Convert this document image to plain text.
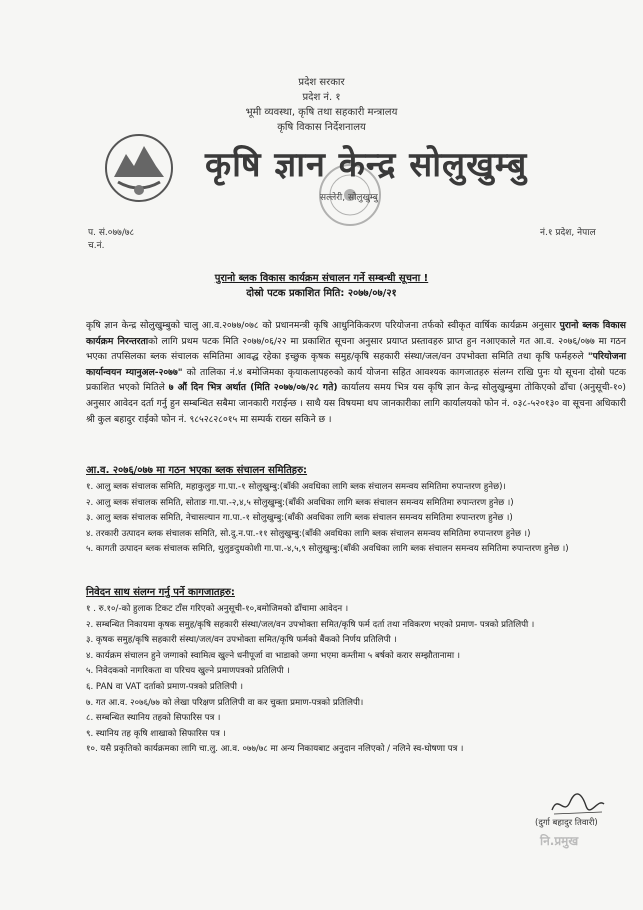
प्रदेश सरकार
प्रदेश नं. १
भूमी व्यवस्था, कृषि तथा सहकारी मन्त्रालय
कृषि विकास निर्देशनालय
कृषि ज्ञान केन्द्र सोलुखुम्बु
सल्लेरी, सोलुखुम्बु
प. सं.०७७/७८
च.नं.
नं.१ प्रदेश, नेपाल
पुरानो ब्लक विकास कार्यक्रम संचालन गर्ने सम्बन्धी सूचना !
दोस्रो पटक प्रकाशित मिति: २०७७/०७/२१
कृषि ज्ञान केन्द्र सोलुखुम्बुको चालु आ.व.२०७७/०७८ को प्रधानमन्त्री कृषि आधुनिकिकरण परियोजना तर्फको स्वीकृत वार्षिक कार्यक्रम अनुसार पुरानो ब्लक विकास कार्यक्रम निरन्तरताको लागि प्रथम पटक मिति २०७७/०६/२२ मा प्रकाशित सूचना अनुसार प्रयाप्त प्रस्तावहरु प्राप्त हुन नआएकाले गत आ.व. २०७६/०७७ मा गठन भएका तपसिलका ब्लक संचालक समितिमा आवद्ध रहेका इच्छुक कृषक समुह/कृषि सहकारी संस्था/जल/वन उपभोक्ता समिति तथा कृषि फर्महरुले "परियोजना कार्यान्वयन म्यानुअल-२०७७" को तालिका नं.४ बमोजिमका कृयाकलापहरुको कार्य योजना सहित आवश्यक कागजातहरु संलग्न राखि पुनः यो सूचना दोस्रो पटक प्रकाशित भएको मितिले ७ औं दिन भित्र अर्थात (मिति २०७७/०७/२८ गते) कार्यालय समय भित्र यस कृषि ज्ञान केन्द्र सोलुखुम्बुमा तोकिएको ढाँचा (अनुसूची-१०) अनुसार आवेदन दर्ता गर्नु हुन सम्बन्धित सबैमा जानकारी गराईन्छ । साथै यस विषयमा थप जानकारीका लागि कार्यालयको फोन नं. ०३८-५२०१३० वा सूचना अधिकारी श्री कुल बहादुर राईको फोन नं. ९८५२८२८०१५ मा सम्पर्क राख्न सकिने छ ।
आ.व. २०७६/०७७ मा गठन भएका ब्लक संचालन समितिहरु:
१. आलु ब्लक संचालक समिति, महाकुलुङ गा.पा.-१ सोलुखुम्बु:(बाँकी अवधिका लागि ब्लक संचालन समन्वय समितिमा रुपान्तरण हुनेछ)।
२. आलु ब्लक संचालक समिति, सोताङ गा.पा.-२,४,५ सोलुखुम्बु:(बाँकी अवधिका लागि ब्लक संचालन समन्वय समितिमा रुपान्तरण हुनेछ ।)
३. आलु ब्लक संचालक समिति, नेचासल्यान गा.पा.-१ सोलुखुम्बु:(बाँकी अवधिका लागि ब्लक संचालन समन्वय समितिमा रुपान्तरण हुनेछ ।)
४. तरकारी उत्पादन ब्लक संचालक समिति, सो.दु.न.पा.-११ सोलुखुम्बु:(बाँकी अवधिका लागि ब्लक संचालन समन्वय समितिमा रुपान्तरण हुनेछ ।)
५. कागती उत्पादन ब्लक संचालक समिति, थुलुङदुधकोशी गा.पा.-४,५,९ सोलुखुम्बु:(बाँकी अवधिका लागि ब्लक संचालन समन्वय समितिमा रुपान्तरण हुनेछ ।)
निवेदन साथ संलग्न गर्नु पर्ने कागजातहरु:
१ . रु.१०/-को हुलाक टिकट टाँस गरिएको अनुसूची-१०,बमोजिमको ढाँचामा आवेदन ।
२. सम्बन्धित निकायमा कृषक समुह/कृषि सहकारी संस्था/जल/वन उपभोक्ता समित/कृषि फर्म दर्ता तथा नविकरण भएको प्रमाण- पत्रको प्रतिलिपी ।
३. कृषक समुह/कृषि सहकारी संस्था/जल/वन उपभोक्ता समित/कृषि फर्मको बैंकको निर्णय प्रतिलिपी ।
४. कार्यक्रम संचालन हुने जग्गाको स्वामित्व खुल्ने धनीपूर्जा वा भाडाको जग्गा भएमा कम्तीमा ५ बर्षको करार सम्झौतानामा ।
५. निवेदकको नागरिकता वा परिचय खुल्ने प्रमाणपत्रको प्रतिलिपी ।
६. PAN वा VAT दर्ताको प्रमाण-पत्रको प्रतिलिपी ।
७. गत आ.व. २०७६/७७ को लेखा परिक्षण प्रतिलिपी वा कर चुक्ता प्रमाण-पत्रको प्रतिलिपी।
८. सम्बन्धित स्थानिय तहको सिफारिस पत्र ।
९. स्थानिय तह कृषि शाखाको सिफारिस पत्र ।
१०. यसै प्रकृतिको कार्यक्रमका लागि चा.लु. आ.व. ०७७/७८ मा अन्य निकायबाट अनुदान नलिएको / नलिने स्व-घोषणा पत्र ।
(दुर्गा बहादुर तिवारी)
नि.प्रमुख
